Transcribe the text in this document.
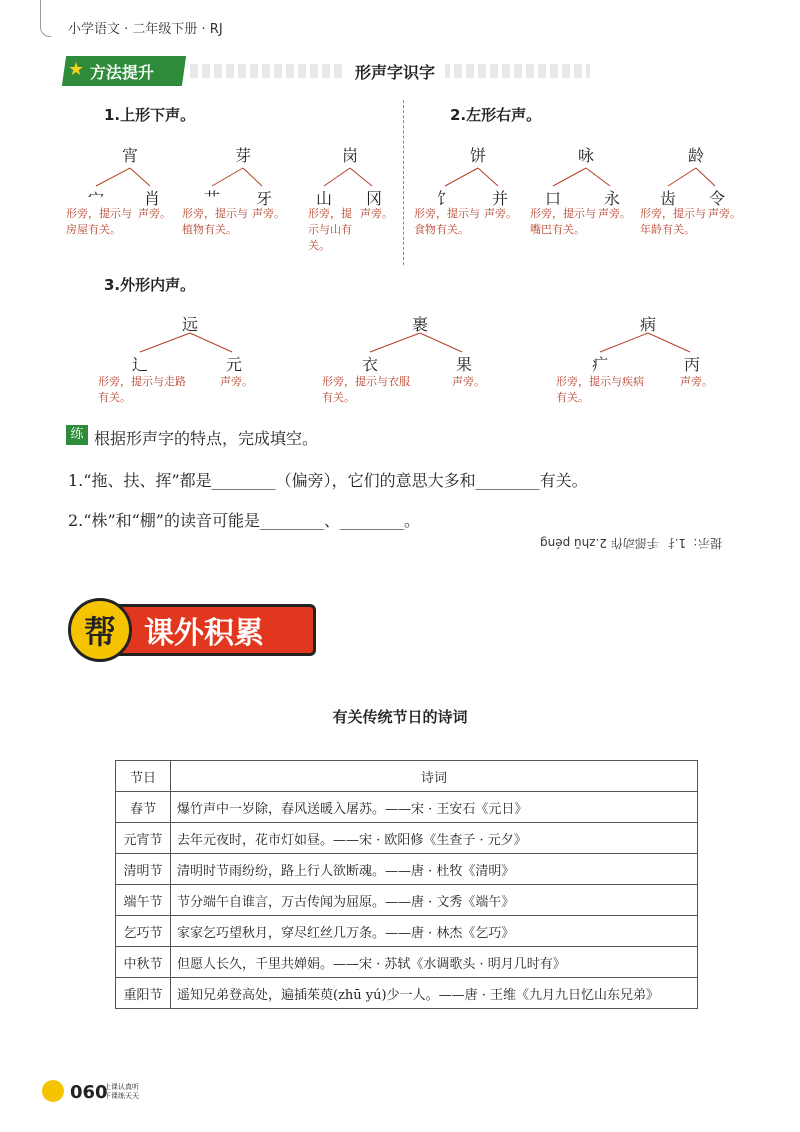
小学语文 · 二年级下册 · RJ
方法提升
★	形声字识字
1.上形下声。
宵
宀 肖
形旁，提示与房屋有关。
声旁。
芽
艹 牙
形旁，提示与植物有关。
声旁。
岗
山 冈
形旁，提示与山有关。
声旁。
2.左形右声。
饼
饣 并
形旁，提示与食物有关。
声旁。
咏
口	永
形旁，提示与嘴巴有关。
声旁。
龄
齿 令
形旁，提示与年龄有关。
声旁。
3.外形内声。
远
辶	元
形旁，提示与走路有关。
声旁。
裹
衣	果
形旁，提示与衣服有关。
声旁。
病
疒	丙
形旁，提示与疾病有关。
声旁。
练 根据形声字的特点，完成填空。
1.“拖、扶、挥”都是________（偏旁），它们的意思大多和________有关。
2.“株”和“棚”的读音可能是________、________。
提示：1.扌 手部动作 2.zhū péng
课外积累
帮
有关传统节日的诗词
节日	诗词
春节	爆竹声中一岁除，春风送暖入屠苏。——宋 · 王安石《元日》
元宵节	去年元夜时，花市灯如昼。——宋 · 欧阳修《生查子 · 元夕》
清明节	清明时节雨纷纷，路上行人欲断魂。——唐 · 杜牧《清明》
端午节	节分端午自谁言，万古传闻为屈原。——唐 · 文秀《端午》
乞巧节	家家乞巧望秋月，穿尽红丝几万条。——唐 · 林杰《乞巧》
中秋节	但愿人长久，千里共婵娟。——宋 · 苏轼《水调歌头 · 明月几时有》
重阳节	遥知兄弟登高处，遍插茱萸(zhū yú)少一人。——唐 · 王维《九月九日忆山东兄弟》
060
上课认真听
下课练天天
